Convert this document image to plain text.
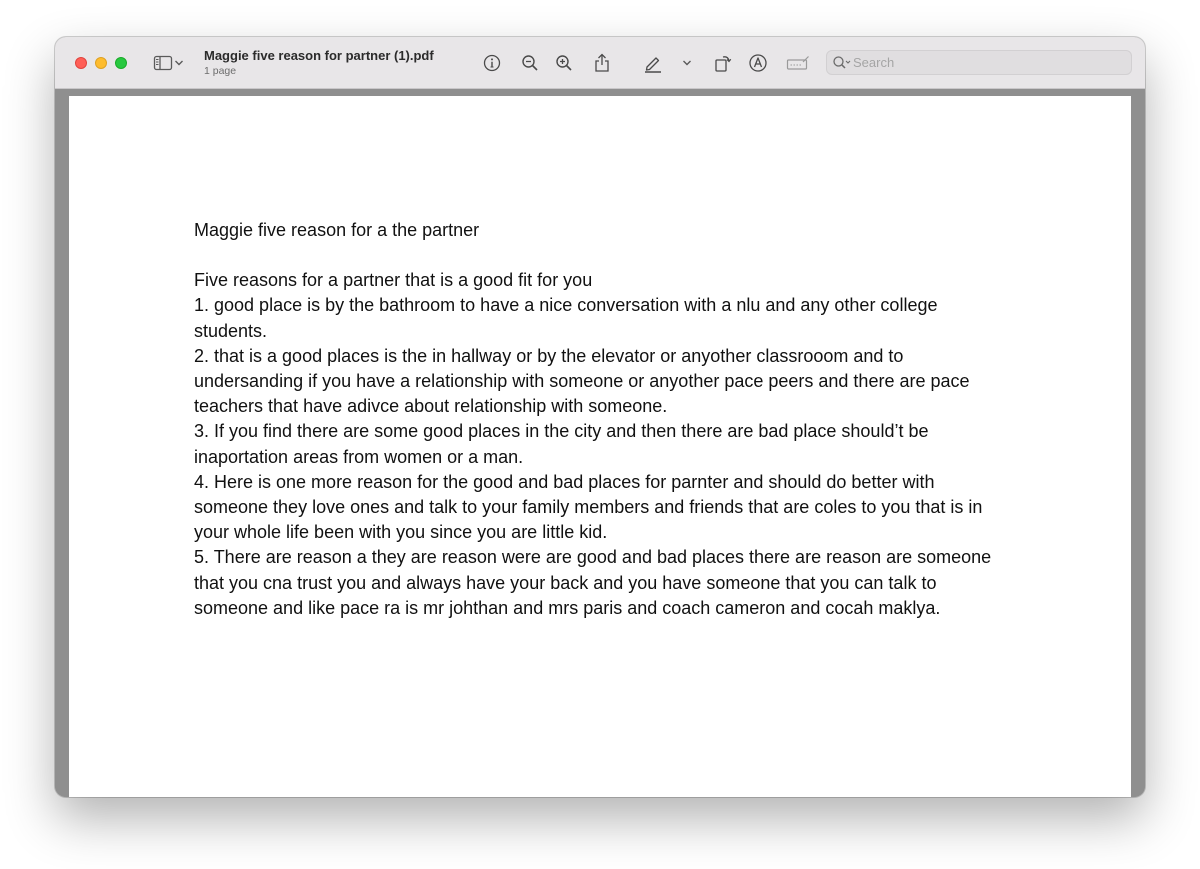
Maggie five reason for partner (1).pdf
1 page
Search

Maggie five reason for a the partner

Five reasons for a partner that is a good fit for you

1. good place is by the bathroom to have a nice conversation with a nlu and any other college students.

2. that is a good places is the in hallway or by the elevator or anyother classrooom and to undersanding if you have a relationship with someone or anyother pace peers and there are pace teachers that have adivce about relationship with someone.

3. If you find there are some good places in the city and then there are bad place should’t be inaportation areas from women or a man.

4. Here is one more reason for the good and bad places for parnter and should do better with someone they love ones and talk to your family members and friends that are coles to you that is in your whole life been with you since you are little kid.

5. There are reason a they are reason were are good and bad places there are reason are someone that you cna trust you and always have your back and you have someone that you can talk to someone and like pace ra is mr johthan and mrs paris and coach cameron and cocah maklya.
